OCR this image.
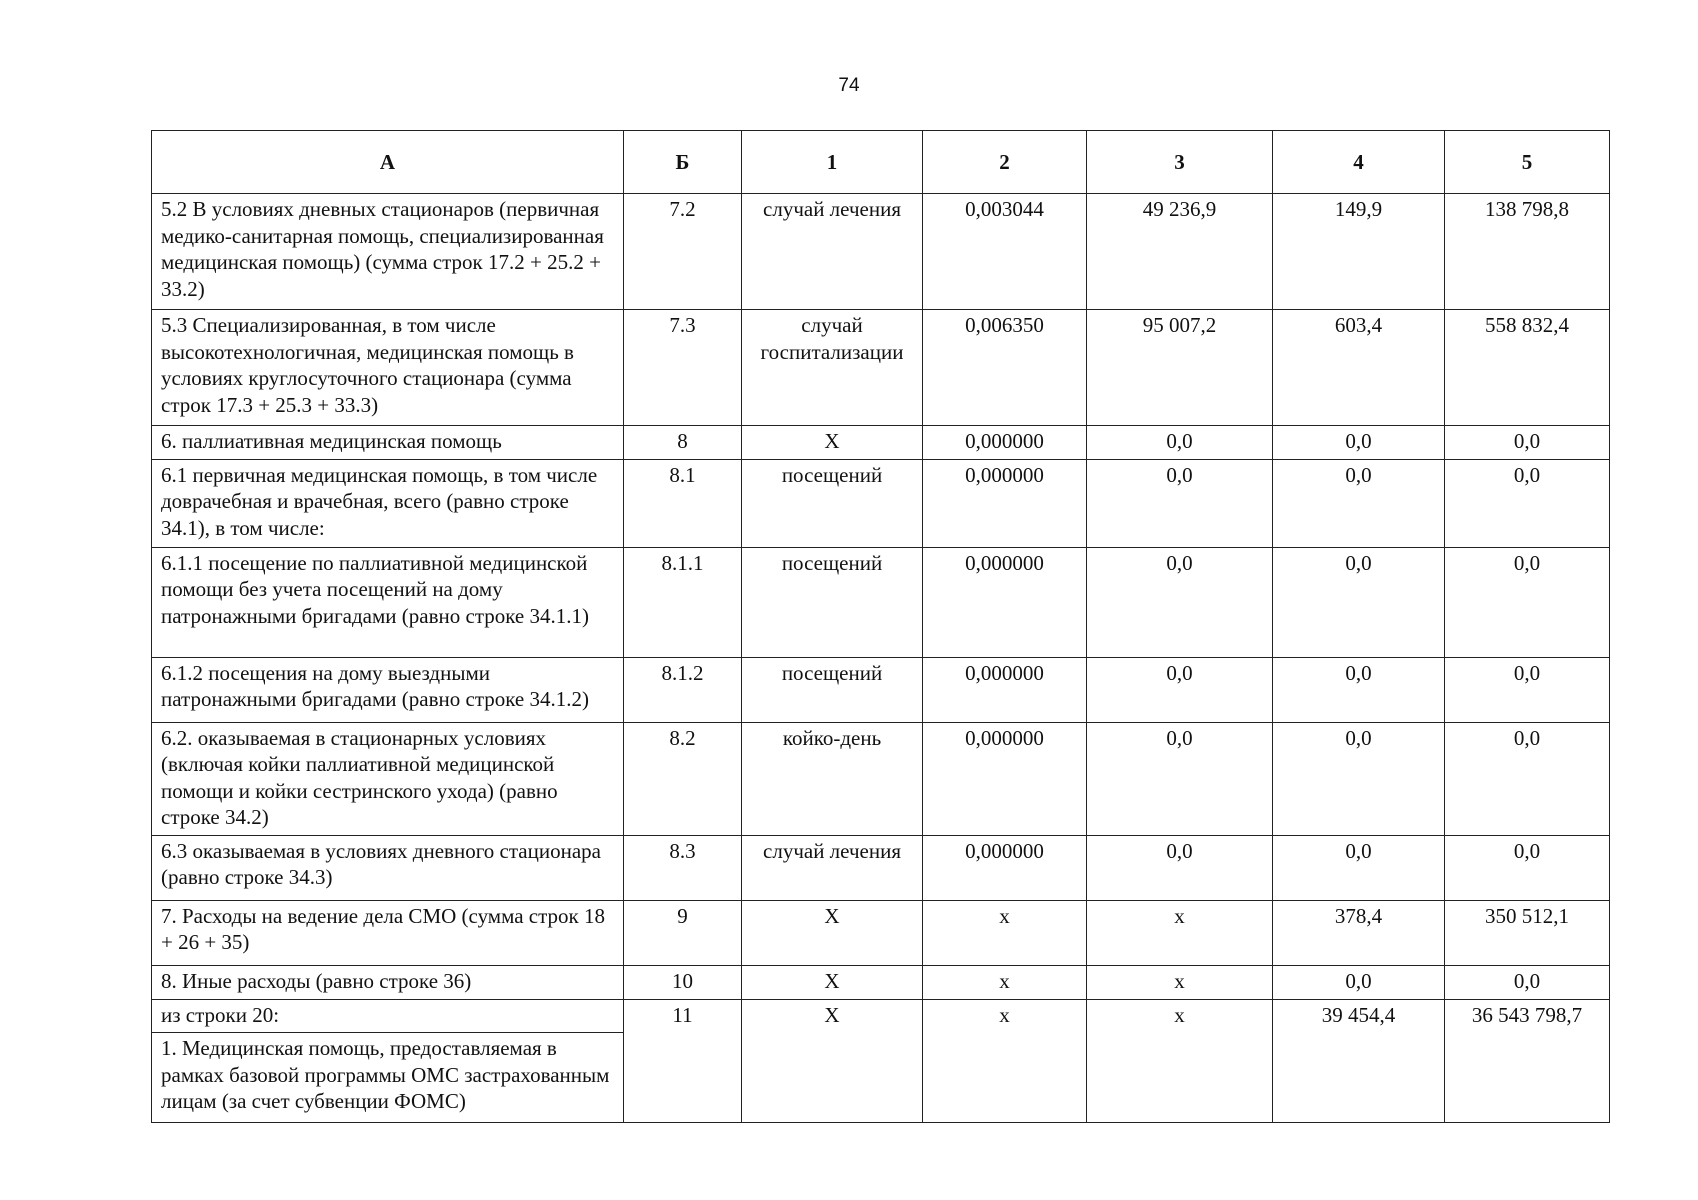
74
А	Б	1	2	3	4	5
5.2 В условиях дневных стационаров (первичная медико-санитарная помощь, специализированная медицинская помощь) (сумма строк 17.2 + 25.2 + 33.2)	7.2	случай лечения	0,003044	49 236,9	149,9	138 798,8
5.3 Специализированная, в том числе высокотехнологичная, медицинская помощь в условиях круглосуточного стационара (сумма строк 17.3 + 25.3 + 33.3)	7.3	случай госпитализации	0,006350	95 007,2	603,4	558 832,4
6. паллиативная медицинская помощь	8	Х	0,000000	0,0	0,0	0,0
6.1 первичная медицинская помощь, в том числе доврачебная и врачебная, всего (равно строке 34.1), в том числе:	8.1	посещений	0,000000	0,0	0,0	0,0
6.1.1 посещение по паллиативной медицинской помощи без учета посещений на дому патронажными бригадами (равно строке 34.1.1)	8.1.1	посещений	0,000000	0,0	0,0	0,0
6.1.2 посещения на дому выездными патронажными бригадами (равно строке 34.1.2)	8.1.2	посещений	0,000000	0,0	0,0	0,0
6.2. оказываемая в стационарных условиях (включая койки паллиативной медицинской помощи и койки сестринского ухода) (равно строке 34.2)	8.2	койко-день	0,000000	0,0	0,0	0,0
6.3 оказываемая в условиях дневного стационара (равно строке 34.3)	8.3	случай лечения	0,000000	0,0	0,0	0,0
7. Расходы на ведение дела СМО (сумма строк 18 + 26 + 35)	9	Х	х	х	378,4	350 512,1
8. Иные расходы (равно строке 36)	10	Х	х	х	0,0	0,0
из строки 20:	11	Х	х	х	39 454,4	36 543 798,7
1. Медицинская помощь, предоставляемая в рамках базовой программы ОМС застрахованным лицам (за счет субвенции ФОМС)						
